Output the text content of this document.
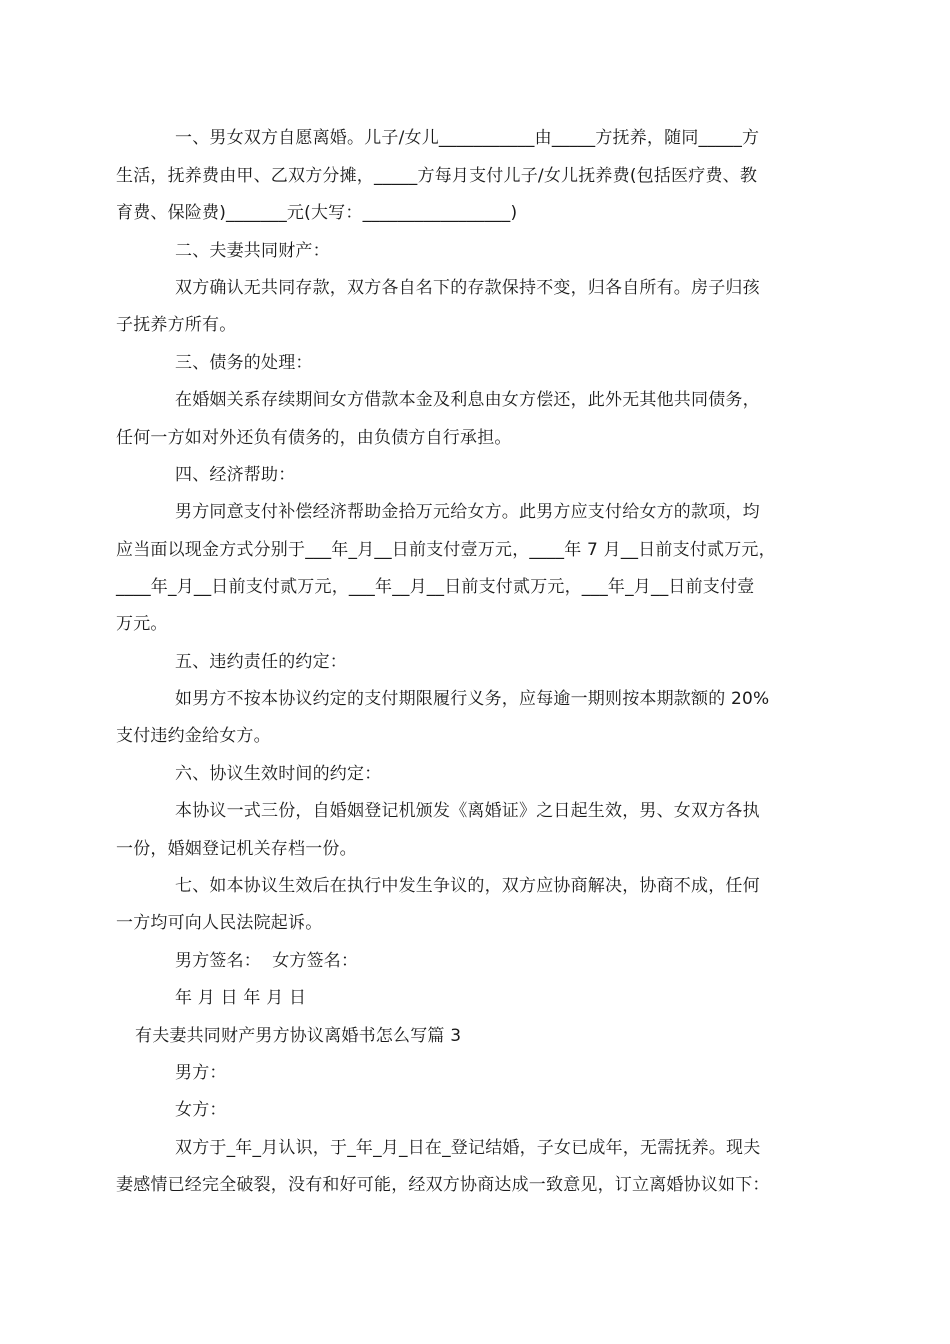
一、男女双方自愿离婚。儿子/女儿___________由_____方抚养，随同_____方
生活，抚养费由甲、乙双方分摊，_____方每月支付儿子/女儿抚养费(包括医疗费、教
育费、保险费)_______元(大写：_________________)
二、夫妻共同财产：
双方确认无共同存款，双方各自名下的存款保持不变，归各自所有。房子归孩
子抚养方所有。
三、债务的处理：
在婚姻关系存续期间女方借款本金及利息由女方偿还，此外无其他共同债务，
任何一方如对外还负有债务的，由负债方自行承担。
四、经济帮助：
男方同意支付补偿经济帮助金拾万元给女方。此男方应支付给女方的款项，均
应当面以现金方式分别于___年_月__日前支付壹万元，____年 7 月__日前支付贰万元，
____年_月__日前支付贰万元，___年__月__日前支付贰万元，___年_月__日前支付壹
万元。
五、违约责任的约定：
如男方不按本协议约定的支付期限履行义务，应每逾一期则按本期款额的 20%
支付违约金给女方。
六、协议生效时间的约定：
本协议一式三份，自婚姻登记机颁发《离婚证》之日起生效，男、女双方各执
一份，婚姻登记机关存档一份。
七、如本协议生效后在执行中发生争议的，双方应协商解决，协商不成，任何
一方均可向人民法院起诉。
男方签名：  女方签名：
年 月 日 年 月 日
有夫妻共同财产男方协议离婚书怎么写篇 3
男方：
女方：
双方于_年_月认识，于_年_月_日在_登记结婚，子女已成年，无需抚养。现夫
妻感情已经完全破裂，没有和好可能，经双方协商达成一致意见，订立离婚协议如下：
